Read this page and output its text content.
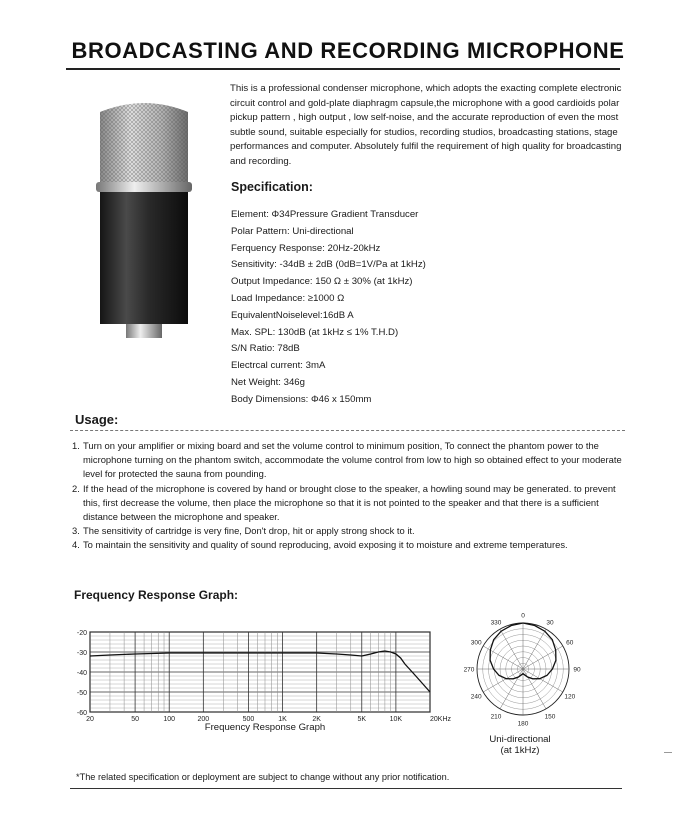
BROADCASTING AND RECORDING MICROPHONE
This is a professional condenser microphone, which adopts the exacting complete electronic circuit control and gold-plate diaphragm capsule,the microphone with a good cardioids polar pickup pattern , high output , low self-noise, and the accurate reproduction of even the most subtle sound, suitable especially for studios, recording studios, broadcasting stations, stage performances and computer. Absolutely fulfil the requirement of high quality for broadcasting and recording.
Specification:
Element: Φ34Pressure Gradient Transducer
Polar Pattern: Uni-directional
Ferquency Response: 20Hz-20kHz
Sensitivity: -34dB ± 2dB (0dB=1V/Pa at 1kHz)
Output Impedance: 150 Ω ± 30% (at 1kHz)
Load Impedance: ≥1000 Ω
EquivalentNoiselevel:16dB A
Max. SPL: 130dB (at 1kHz ≤ 1% T.H.D)
S/N Ratio: 78dB
Electrcal current: 3mA
Net Weight: 346g
Body Dimensions: Φ46 x 150mm
Usage:
1. Turn on your amplifier or mixing board and set the volume control to minimum position, To connect the phantom power to the microphone turning on the phantom switch, accommodate the volume control from low to high so obtained effect to your moderate level for protected the sauna from pounding.
2. If the head of the microphone is covered by hand or brought close to the speaker, a howling sound may be generated. to prevent this, first decrease the volume, then place the microphone so that it is not pointed to the speaker and that there is a sufficient distance between the microphone and speaker.
3. The sensitivity of cartridge is very fine, Don't drop, hit or apply strong shock to it.
4. To maintain the sensitivity and quality of sound reproducing, avoid exposing it to moisture and extreme temperatures.
Frequency Response Graph:
-20
-30
-40
-50
-60
20	50	100	200	500	1K	2K	5K	10K	20KHz
Frequency Response Graph
0
30
60
90
120
150
180
210
240
270
300
330
Uni-directional
(at 1kHz)
*The related specification or deployment are subject to change without any prior notification.
